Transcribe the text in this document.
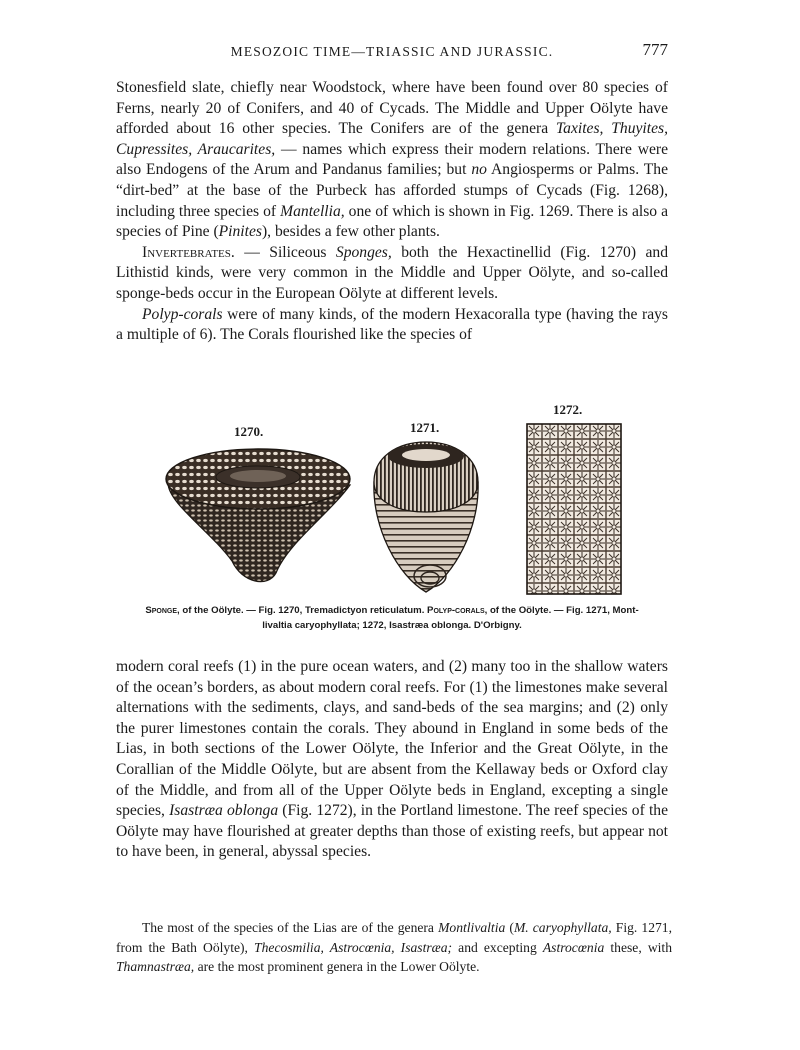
MESOZOIC TIME—TRIASSIC AND JURASSIC.	777

Stonesfield slate, chiefly near Woodstock, where have been found over 80 species of Ferns, nearly 20 of Conifers, and 40 of Cycads. The Middle and Upper Oölyte have afforded about 16 other species. The Conifers are of the genera Taxites, Thuyites, Cupressites, Araucarites, — names which express their modern relations. There were also Endogens of the Arum and Pandanus families; but no Angiosperms or Palms. The “dirt-bed” at the base of the Purbeck has afforded stumps of Cycads (Fig. 1268), including three species of Mantellia, one of which is shown in Fig. 1269. There is also a species of Pine (Pinites), besides a few other plants.

Invertebrates. — Siliceous Sponges, both the Hexactinellid (Fig. 1270) and Lithistid kinds, were very common in the Middle and Upper Oölyte, and so-called sponge-beds occur in the European Oölyte at different levels.

Polyp-corals were of many kinds, of the modern Hexacoralla type (having the rays a multiple of 6). The Corals flourished like the species of

1270.	1271.
1272.
Sponge, of the Oölyte. — Fig. 1270, Tremadictyon reticulatum. Polyp-corals, of the Oölyte. — Fig. 1271, Mont-
livaltia caryophyllata; 1272, Isastræa oblonga. D'Orbigny.

modern coral reefs (1) in the pure ocean waters, and (2) many too in the shallow waters of the ocean’s borders, as about modern coral reefs. For (1) the limestones make several alternations with the sediments, clays, and sand-beds of the sea margins; and (2) only the purer limestones contain the corals. They abound in England in some beds of the Lias, in both sections of the Lower Oölyte, the Inferior and the Great Oölyte, in the Corallian of the Middle Oölyte, but are absent from the Kellaway beds or Oxford clay of the Middle, and from all of the Upper Oölyte beds in England, excepting a single species, Isastræa oblonga (Fig. 1272), in the Portland limestone. The reef species of the Oölyte may have flourished at greater depths than those of existing reefs, but appear not to have been, in general, abyssal species.

The most of the species of the Lias are of the genera Montlivaltia (M. caryophyllata, Fig. 1271, from the Bath Oölyte), Thecosmilia, Astrocœnia, Isastræa; and excepting Astrocœnia these, with Thamnastræa, are the most prominent genera in the Lower Oölyte.
